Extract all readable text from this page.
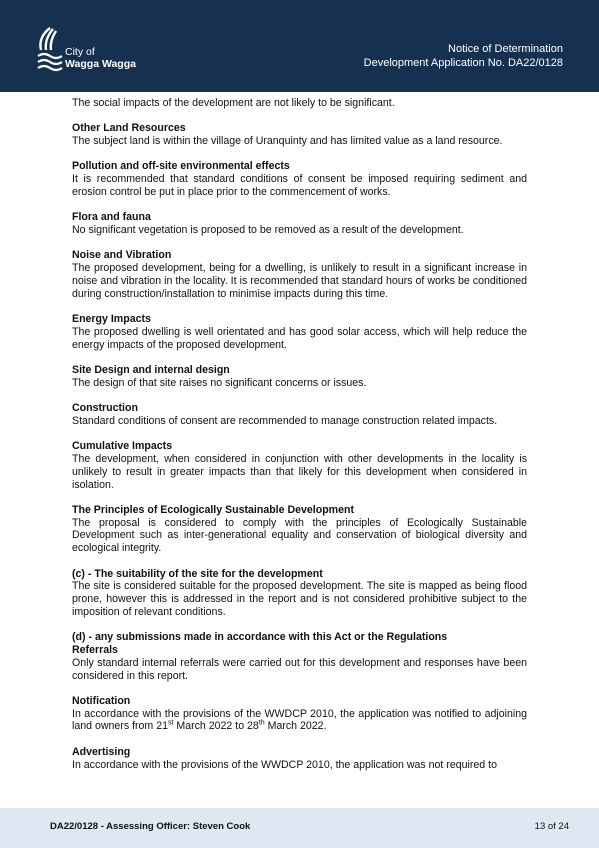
City of
Wagga Wagga
Notice of Determination
Development Application No. DA22/0128

The social impacts of the development are not likely to be significant.

Other Land Resources

The subject land is within the village of Uranquinty and has limited value as a land resource.

Pollution and off-site environmental effects

It is recommended that standard conditions of consent be imposed requiring sediment and erosion control be put in place prior to the commencement of works.

Flora and fauna

No significant vegetation is proposed to be removed as a result of the development.

Noise and Vibration

The proposed development, being for a dwelling, is unlikely to result in a significant increase in noise and vibration in the locality. It is recommended that standard hours of works be conditioned during construction/installation to minimise impacts during this time.

Energy Impacts

The proposed dwelling is well orientated and has good solar access, which will help reduce the energy impacts of the proposed development.

Site Design and internal design

The design of that site raises no significant concerns or issues.

Construction

Standard conditions of consent are recommended to manage construction related impacts.

Cumulative Impacts

The development, when considered in conjunction with other developments in the locality is unlikely to result in greater impacts than that likely for this development when considered in isolation.

The Principles of Ecologically Sustainable Development

The proposal is considered to comply with the principles of Ecologically Sustainable Development such as inter-generational equality and conservation of biological diversity and ecological integrity.

(c) - The suitability of the site for the development

The site is considered suitable for the proposed development. The site is mapped as being flood prone, however this is addressed in the report and is not considered prohibitive subject to the imposition of relevant conditions.

(d) - any submissions made in accordance with this Act or the Regulations
Referrals

Only standard internal referrals were carried out for this development and responses have been considered in this report.

Notification

In accordance with the provisions of the WWDCP 2010, the application was notified to adjoining land owners from 21st March 2022 to 28th March 2022.

Advertising

In accordance with the provisions of the WWDCP 2010, the application was not required to

DA22/0128 - Assessing Officer: Steven Cook	13 of 24
